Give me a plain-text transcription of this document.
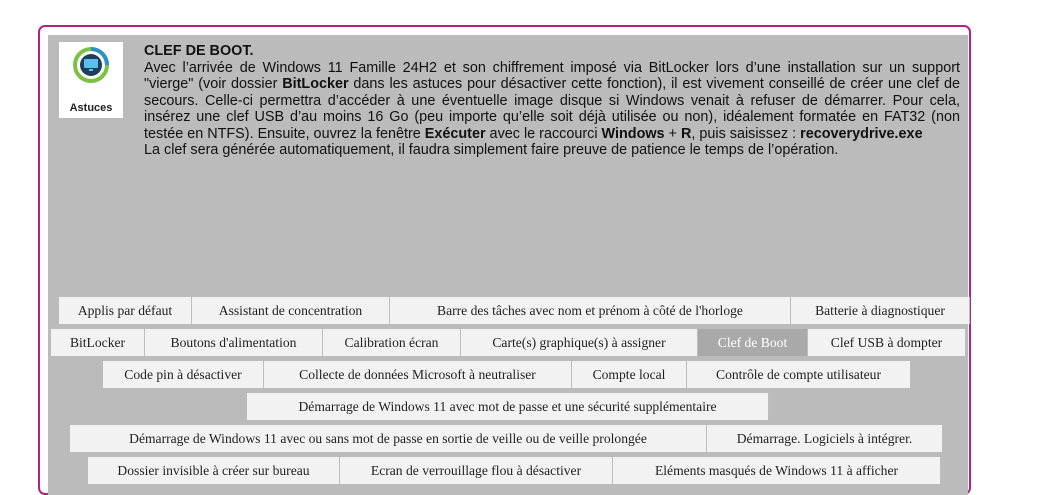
Astuces

CLEF DE BOOT.

Avec l’arrivée de Windows 11 Famille 24H2 et son chiffrement imposé via BitLocker lors d’une installation sur un support "vierge" (voir dossier BitLocker dans les astuces pour désactiver cette fonction), il est vivement conseillé de créer une clef de secours. Celle-ci permettra d’accéder à une éventuelle image disque si Windows venait à refuser de démarrer. Pour cela, insérez une clef USB d’au moins 16 Go (peu importe qu’elle soit déjà utilisée ou non), idéalement formatée en FAT32 (non testée en NTFS). Ensuite, ouvrez la fenêtre Exécuter avec le raccourci Windows + R, puis saisissez : recoverydrive.exe

La clef sera générée automatiquement, il faudra simplement faire preuve de patience le temps de l’opération.

Applis par défaut	Assistant de concentration	Barre des tâches avec nom et prénom à côté de l'horloge	Batterie à diagnostiquer
BitLocker	Boutons d'alimentation	Calibration écran	Carte(s) graphique(s) à assigner	Clef de Boot	Clef USB à dompter
Code pin à désactiver	Collecte de données Microsoft à neutraliser	Compte local	Contrôle de compte utilisateur
Démarrage de Windows 11 avec mot de passe et une sécurité supplémentaire
Démarrage de Windows 11 avec ou sans mot de passe en sortie de veille ou de veille prolongée	Démarrage. Logiciels à intégrer.
Dossier invisible à créer sur bureau	Ecran de verrouillage flou à désactiver	Eléments masqués de Windows 11 à afficher
